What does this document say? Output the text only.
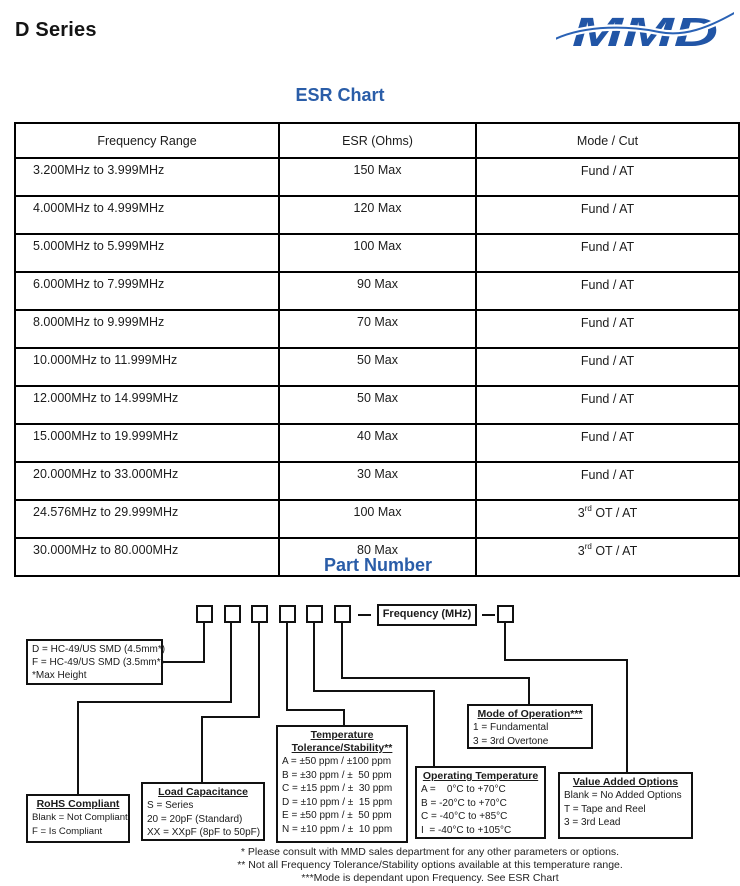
D Series	MMD
ESR Chart
Frequency Range	ESR (Ohms)	Mode / Cut
3.200MHz to 3.999MHz	150 Max	Fund / AT
4.000MHz to 4.999MHz	120 Max	Fund / AT
5.000MHz to 5.999MHz	100 Max	Fund / AT
6.000MHz to 7.999MHz	90 Max	Fund / AT
8.000MHz to 9.999MHz	70 Max	Fund / AT
10.000MHz to 11.999MHz	50 Max	Fund / AT
12.000MHz to 14.999MHz	50 Max	Fund / AT
15.000MHz to 19.999MHz	40 Max	Fund / AT
20.000MHz to 33.000MHz	30 Max	Fund / AT
24.576MHz to 29.999MHz	100 Max	3rd OT / AT
30.000MHz to 80.000MHz	80 Max	3rd OT / AT
Part Number
Frequency (MHz)
D = HC-49/US SMD (4.5mm*)
F = HC-49/US SMD (3.5mm*)
*Max Height
RoHS Compliant
Blank = Not Compliant
F = Is Compliant
Load Capacitance
S = Series
20 = 20pF (Standard)
XX = XXpF (8pF to 50pF)
Temperature
Tolerance/Stability**
A = ±50 ppm / ±100 ppm
B = ±30 ppm / ±  50 ppm
C = ±15 ppm / ±  30 ppm
D = ±10 ppm / ±  15 ppm
E = ±50 ppm / ±  50 ppm
N = ±10 ppm / ±  10 ppm
Operating Temperature
A =    0°C to +70°C
B = -20°C to +70°C
C = -40°C to +85°C
I  = -40°C to +105°C
Mode of Operation***
1 = Fundamental
3 = 3rd Overtone
Value Added Options
Blank = No Added Options
T = Tape and Reel
3 = 3rd Lead
* Please consult with MMD sales department for any other parameters or options.
** Not all Frequency Tolerance/Stability options available at this temperature range.
***Mode is dependant upon Frequency. See ESR Chart
